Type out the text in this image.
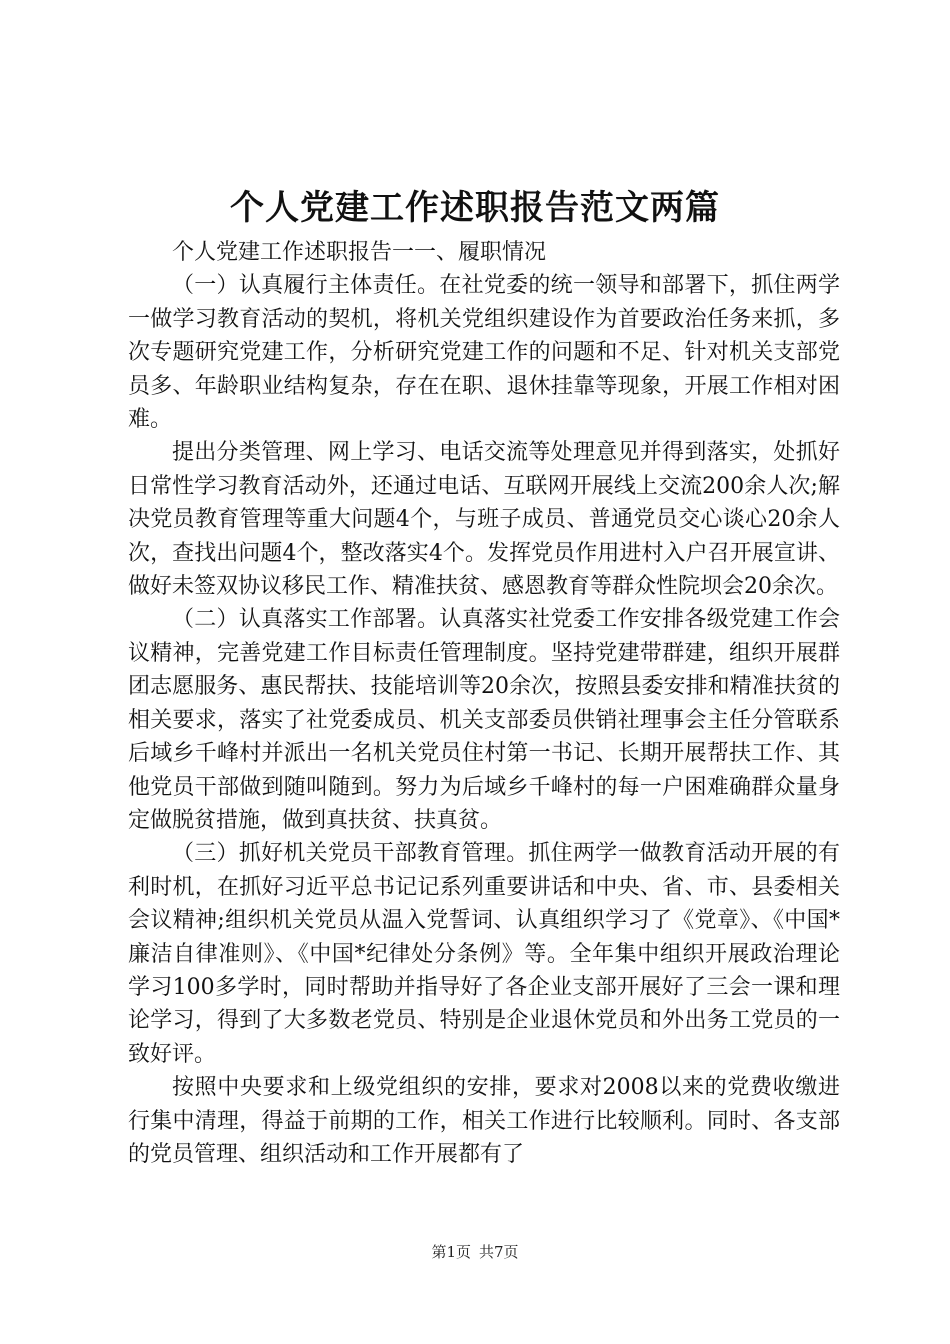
个人党建工作述职报告范文两篇

个人党建工作述职报告一一、履职情况

（一）认真履行主体责任。在社党委的统一领导和部署下，抓住两学一做学习教育活动的契机，将机关党组织建设作为首要政治任务来抓，多次专题研究党建工作，分析研究党建工作的问题和不足、针对机关支部党员多、年龄职业结构复杂，存在在职、退休挂靠等现象，开展工作相对困难。

提出分类管理、网上学习、电话交流等处理意见并得到落实，处抓好日常性学习教育活动外，还通过电话、互联网开展线上交流200余人次;解决党员教育管理等重大问题4个，与班子成员、普通党员交心谈心20余人次，查找出问题4个，整改落实4个。发挥党员作用进村入户召开展宣讲、做好未签双协议移民工作、精准扶贫、感恩教育等群众性院坝会20余次。

（二）认真落实工作部署。认真落实社党委工作安排各级党建工作会议精神，完善党建工作目标责任管理制度。坚持党建带群建，组织开展群团志愿服务、惠民帮扶、技能培训等20余次，按照县委安排和精准扶贫的相关要求，落实了社党委成员、机关支部委员供销社理事会主任分管联系后域乡千峰村并派出一名机关党员住村第一书记、长期开展帮扶工作、其他党员干部做到随叫随到。努力为后域乡千峰村的每一户困难确群众量身定做脱贫措施，做到真扶贫、扶真贫。

（三）抓好机关党员干部教育管理。抓住两学一做教育活动开展的有利时机，在抓好习近平总书记记系列重要讲话和中央、省、市、县委相关会议精神;组织机关党员从温入党誓词、认真组织学习了《党章》、《中国*廉洁自律准则》、《中国*纪律处分条例》等。全年集中组织开展政治理论学习100多学时，同时帮助并指导好了各企业支部开展好了三会一课和理论学习，得到了大多数老党员、特别是企业退休党员和外出务工党员的一致好评。

按照中央要求和上级党组织的安排，要求对2008以来的党费收缴进行集中清理，得益于前期的工作，相关工作进行比较顺利。同时、各支部的党员管理、组织活动和工作开展都有了

第1页 共7页
